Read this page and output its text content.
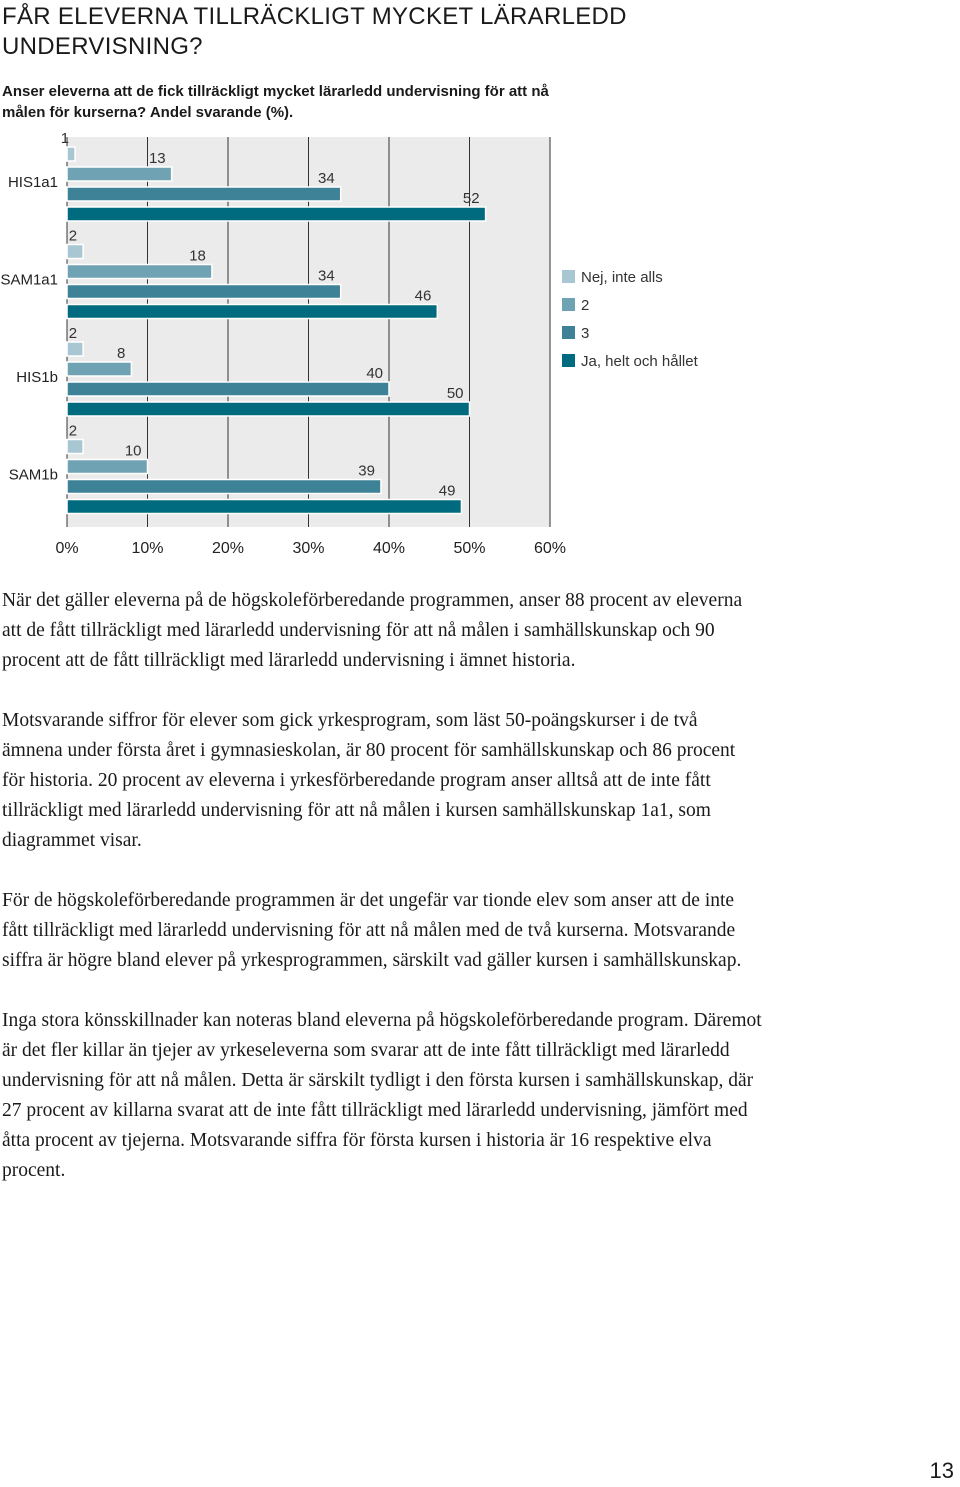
FÅR ELEVERNA TILLRÄCKLIGT MYCKET LÄRARLEDD UNDERVISNING?
Anser eleverna att de fick tillräckligt mycket lärarledd undervisning för att nå målen för kurserna? Andel svarande (%).
1
13
34
52
HIS1a1
2
18
34
46
SAM1a1
2
8
40
50
HIS1b
2
10
39
49
SAM1b
0%	10%	20%	30%	40%	50%	60%
Nej, inte alls
2
3
Ja, helt och hållet

När det gäller eleverna på de högskoleförberedande programmen, anser 88 procent av eleverna att de fått tillräckligt med lärarledd undervisning för att nå målen i samhällskunskap och 90 procent att de fått tillräckligt med lärarledd undervisning i ämnet historia.

Motsvarande siffror för elever som gick yrkesprogram, som läst 50-poängskurser i de två ämnena under första året i gymnasieskolan, är 80 procent för samhällskunskap och 86 procent för historia. 20 procent av eleverna i yrkesförberedande program anser alltså att de inte fått tillräckligt med lärarledd undervisning för att nå målen i kursen samhällskunskap 1a1, som diagrammet visar.

För de högskoleförberedande programmen är det ungefär var tionde elev som anser att de inte fått tillräckligt med lärarledd undervisning för att nå målen med de två kurserna. Motsvarande siffra är högre bland elever på yrkesprogrammen, särskilt vad gäller kursen i samhällskunskap.

Inga stora könsskillnader kan noteras bland eleverna på högskoleförberedande program. Däremot är det fler killar än tjejer av yrkeseleverna som svarar att de inte fått tillräckligt med lärarledd undervisning för att nå målen. Detta är särskilt tydligt i den första kursen i samhällskunskap, där 27 procent av killarna svarat att de inte fått tillräckligt med lärarledd undervisning, jämfört med åtta procent av tjejerna. Motsvarande siffra för första kursen i historia är 16 respektive elva procent.

13
